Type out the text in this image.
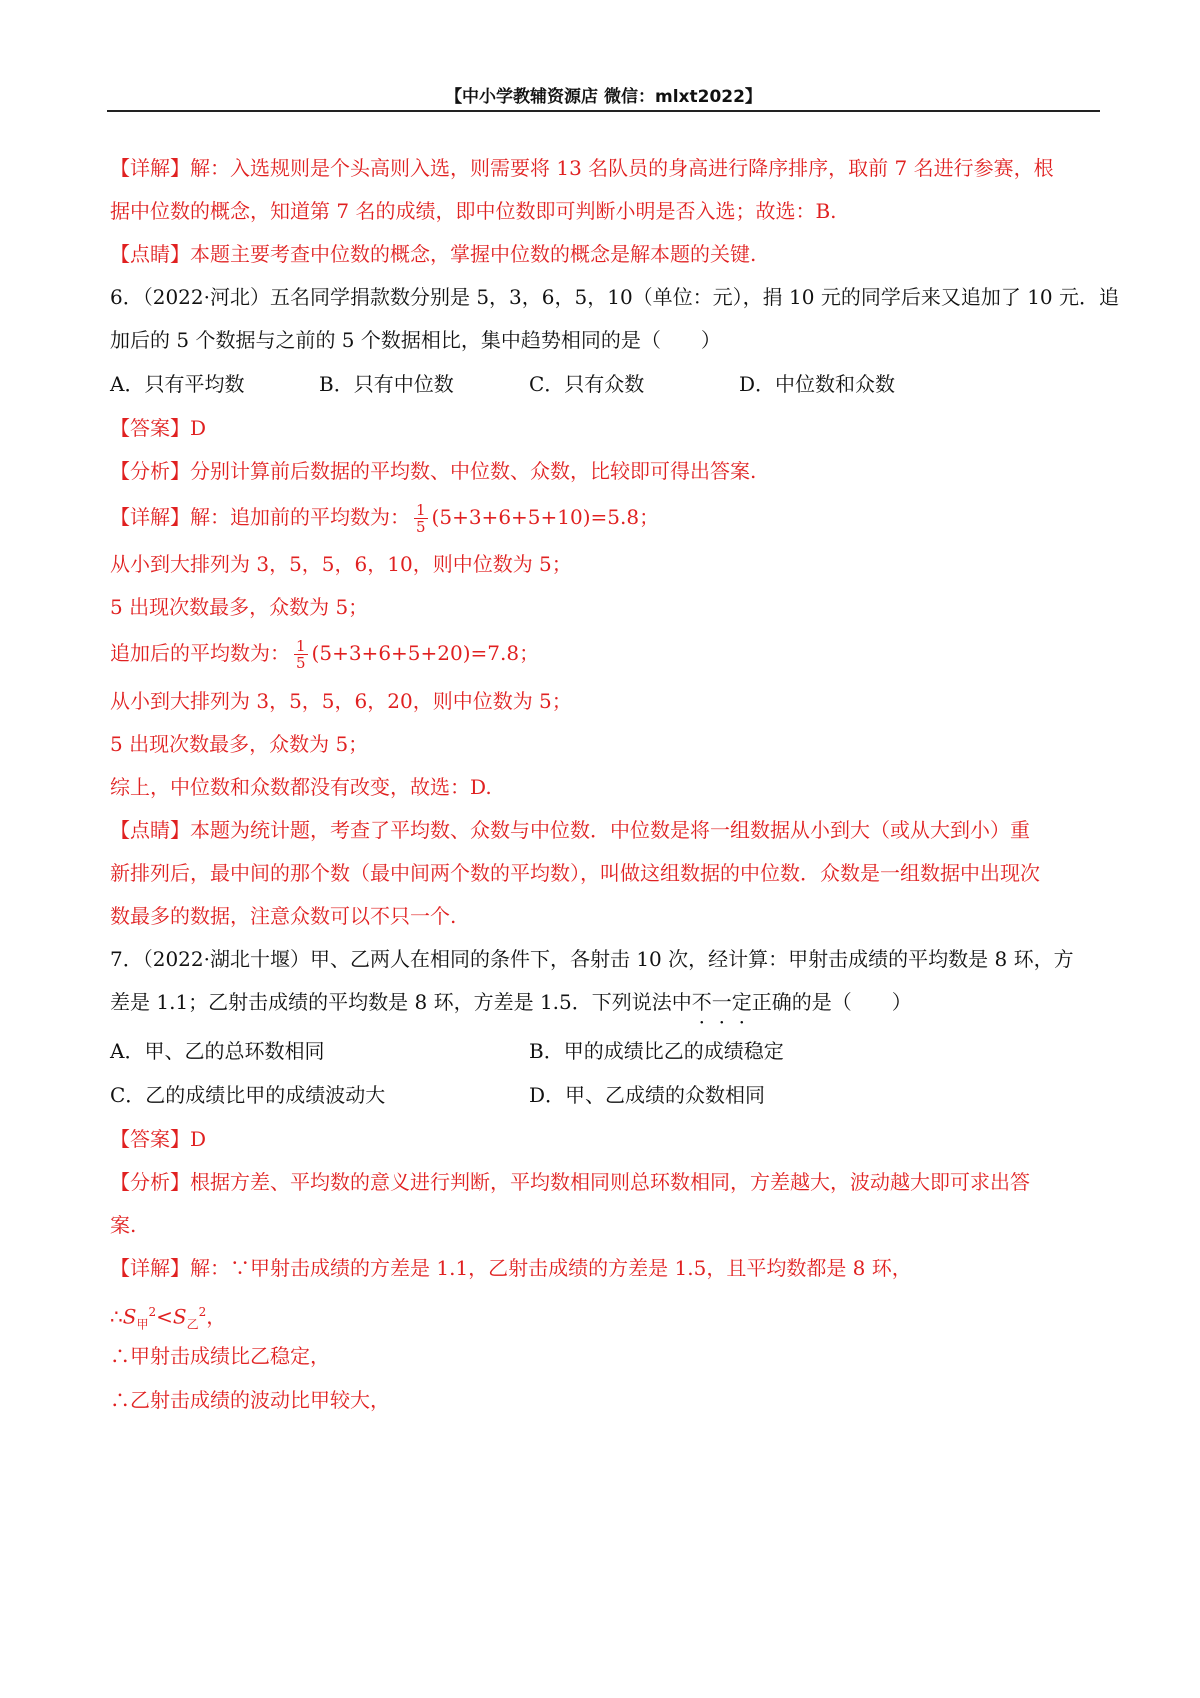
【中小学教辅资源店 微信：mlxt2022】
【详解】解：入选规则是个头高则入选，则需要将 13 名队员的身高进行降序排序，取前 7 名进行参赛，根
据中位数的概念，知道第 7 名的成绩，即中位数即可判断小明是否入选；故选：B.
【点睛】本题主要考查中位数的概念，掌握中位数的概念是解本题的关键.
6．（2022·河北）五名同学捐款数分别是 5，3，6，5，10（单位：元），捐 10 元的同学后来又追加了 10 元．追
加后的 5 个数据与之前的 5 个数据相比，集中趋势相同的是（　　）
A．只有平均数	B．只有中位数	C．只有众数	D．中位数和众数
【答案】D
【分析】分别计算前后数据的平均数、中位数、众数，比较即可得出答案.
【详解】解：追加前的平均数为： $\frac{1}{5} (5+3+6+5+10)=5.8$；
从小到大排列为 3，5，5，6，10，则中位数为 5；
5 出现次数最多，众数为 5；
追加后的平均数为： $\frac{1}{5} (5+3+6+5+20)=7.8$；
从小到大排列为 3，5，5，6，20，则中位数为 5；
5 出现次数最多，众数为 5；
综上，中位数和众数都没有改变，故选：D.
【点睛】本题为统计题，考查了平均数、众数与中位数．中位数是将一组数据从小到大（或从大到小）重
新排列后，最中间的那个数（最中间两个数的平均数），叫做这组数据的中位数．众数是一组数据中出现次
数最多的数据，注意众数可以不只一个.
7．（2022·湖北十堰）甲、乙两人在相同的条件下，各射击 10 次，经计算：甲射击成绩的平均数是 8 环，方
差是 1.1；乙射击成绩的平均数是 8 环，方差是 1.5．下列说法中不一定正确的是（　　）
A．甲、乙的总环数相同	B．甲的成绩比乙的成绩稳定
C．乙的成绩比甲的成绩波动大	D．甲、乙成绩的众数相同
【答案】D
【分析】根据方差、平均数的意义进行判断，平均数相同则总环数相同，方差越大，波动越大即可求出答
案.
【详解】解：∵甲射击成绩的方差是 1.1，乙射击成绩的方差是 1.5，且平均数都是 8 环，
$\therefore S_甲^2<S_乙^2$，
∴甲射击成绩比乙稳定，
∴乙射击成绩的波动比甲较大，
